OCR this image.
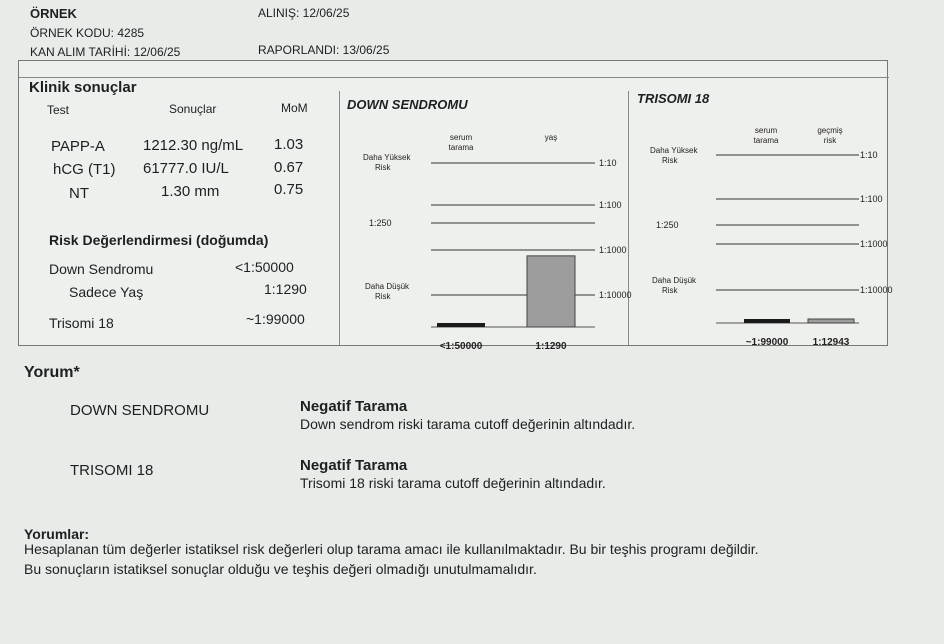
ÖRNEK
ÖRNEK KODU: 4285
KAN ALIM TARİHİ: 12/06/25
ALINIŞ: 12/06/25
RAPORLANDI: 13/06/25
Klinik sonuçlar
Test	Sonuçlar	MoM
PAPP-A	1212.30 ng/mL 1.03
hCG (T1) 61777.0 IU/L	0.67
NT	1.30 mm	0.75
Risk Değerlendirmesi (doğumda)
Down Sendromu	<1:50000
Sadece Yaş	1:1290
Trisomi 18	~1:99000
DOWN SENDROMU	TRISOMI 18
1:10
1:100
1:1000
1:10000
1:250
Daha Yüksek
Risk
Daha Düşük
Risk
serum
tarama
yaş
<1:50000	1:1290
1:10
1:100
1:1000
1:10000
1:250
Daha Yüksek
Risk
Daha Düşük
Risk
serum
tarama
geçmiş
risk
~1:99000 1:12943
Yorum*
DOWN SENDROMU	Negatif Tarama
Down sendrom riski tarama cutoff değerinin altındadır.
TRISOMI 18	Negatif Tarama
Trisomi 18 riski tarama cutoff değerinin altındadır.
Yorumlar:
Hesaplanan tüm değerler istatiksel risk değerleri olup tarama amacı ile kullanılmaktadır. Bu bir teşhis programı değildir.
Bu sonuçların istatiksel sonuçlar olduğu ve teşhis değeri olmadığı unutulmamalıdır.
